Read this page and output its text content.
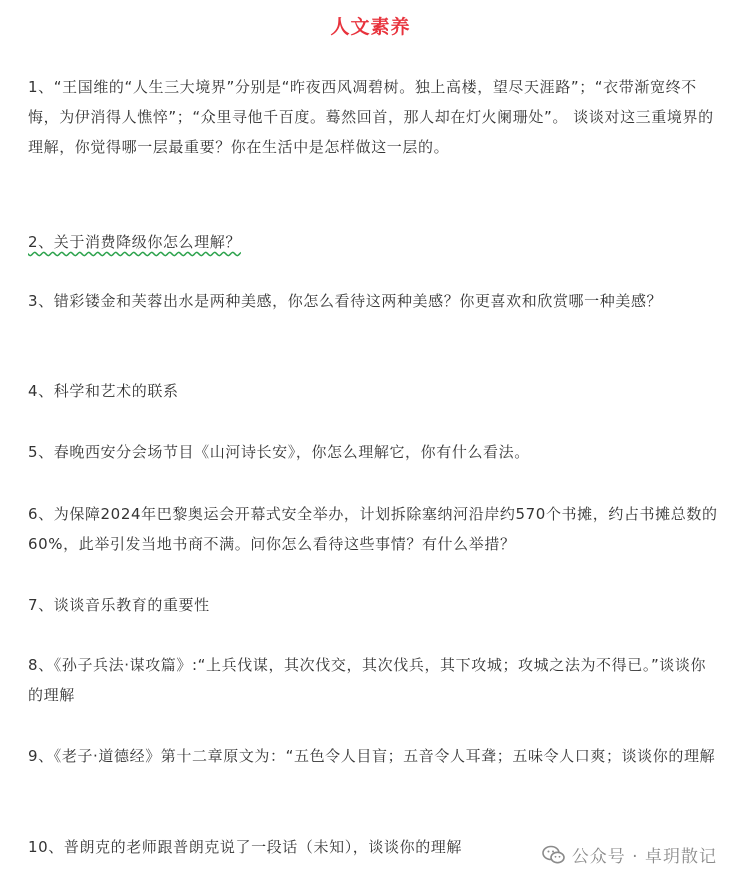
人文素养
1、“王国维的“人生三大境界”分别是“昨夜西风凋碧树。独上高楼，望尽天涯路”；“衣带渐宽终不悔，为伊消得人憔悴”；“众里寻他千百度。蓦然回首，那人却在灯火阑珊处”。 谈谈对这三重境界的理解，你觉得哪一层最重要？你在生活中是怎样做这一层的。
2、关于消费降级你怎么理解？
3、错彩镂金和芙蓉出水是两种美感，你怎么看待这两种美感？你更喜欢和欣赏哪一种美感？
4、科学和艺术的联系
5、春晚西安分会场节目《山河诗长安》，你怎么理解它，你有什么看法。
6、为保障2024年巴黎奥运会开幕式安全举办，计划拆除塞纳河沿岸约570个书摊，约占书摊总数的60%，此举引发当地书商不满。问你怎么看待这些事情？有什么举措？
7、谈谈音乐教育的重要性
8、《孙子兵法·谋攻篇》:“上兵伐谋，其次伐交，其次伐兵，其下攻城；攻城之法为不得已。”谈谈你的理解
9、《老子·道德经》第十二章原文为：“五色令人目盲；五音令人耳聋；五味令人口爽；谈谈你的理解
10、普朗克的老师跟普朗克说了一段话（未知），谈谈你的理解	公众号 · 卓玥散记
